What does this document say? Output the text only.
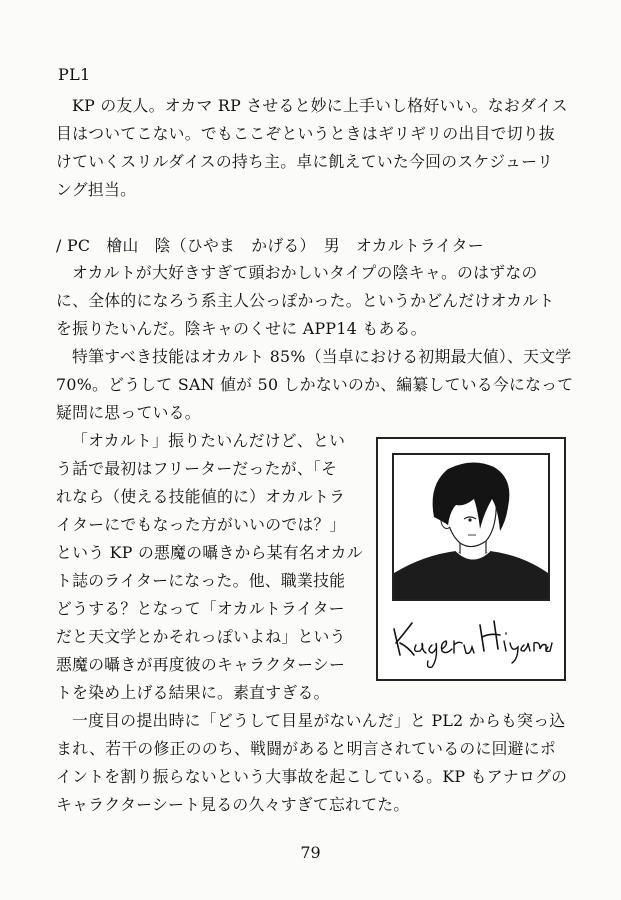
PL1
KP の友人。オカマ RP させると妙に上手いし格好いい。なおダイス
目はついてこない。でもここぞというときはギリギリの出目で切り抜
けていくスリルダイスの持ち主。卓に飢えていた今回のスケジューリ
ング担当。
/ PC　檜山　陰（ひやま　かげる）　男　オカルトライター
オカルトが大好きすぎて頭おかしいタイプの陰キャ。のはずなの
に、全体的になろう系主人公っぽかった。というかどんだけオカルト
を振りたいんだ。陰キャのくせに APP14 もある。
特筆すべき技能はオカルト 85%（当卓における初期最大値）、天文学
70%。どうして SAN 値が 50 しかないのか、編纂している今になって
疑問に思っている。
「オカルト」振りたいんだけど、とい
う話で最初はフリーターだったが、「そ
れなら（使える技能値的に）オカルトラ
イターにでもなった方がいいのでは？」
という KP の悪魔の囁きから某有名オカル
ト誌のライターになった。他、職業技能
どうする？となって「オカルトライター
だと天文学とかそれっぽいよね」という
悪魔の囁きが再度彼のキャラクターシー
トを染め上げる結果に。素直すぎる。
一度目の提出時に「どうして目星がないんだ」と PL2 からも突っ込
まれ、若干の修正ののち、戦闘があると明言されているのに回避にポ
イントを割り振らないという大事故を起こしている。KP もアナログの
キャラクターシート見るの久々すぎて忘れてた。
79
